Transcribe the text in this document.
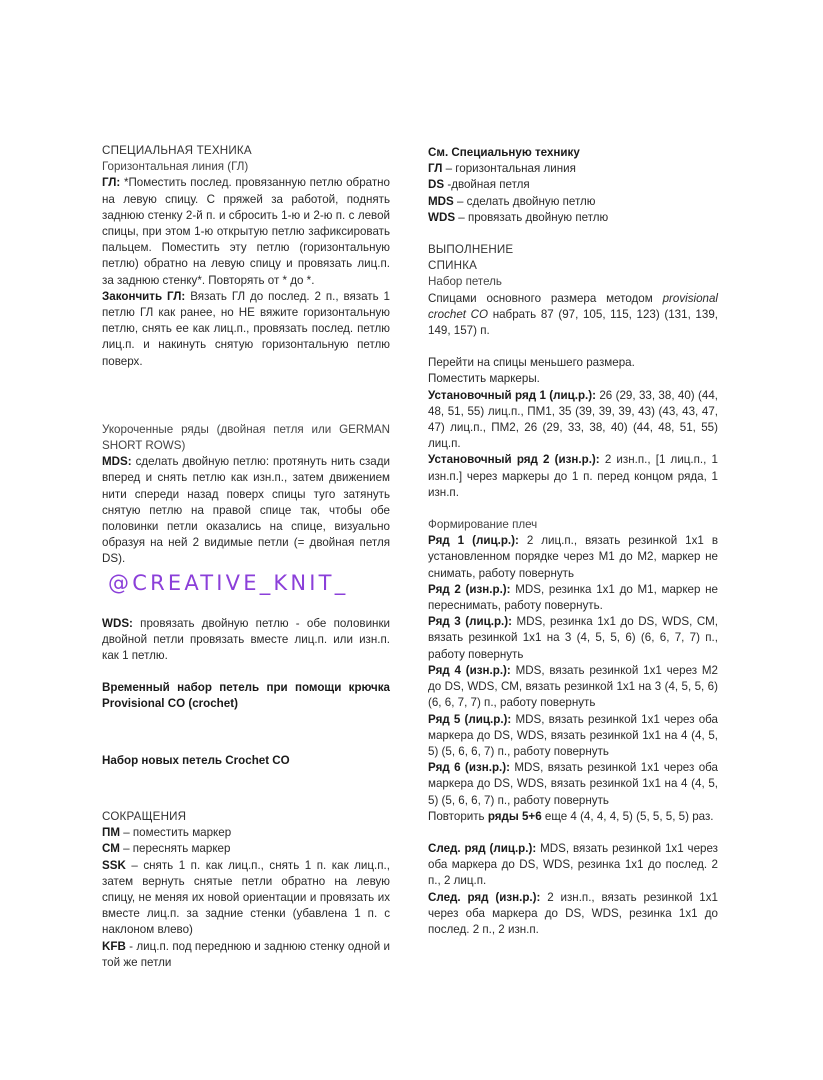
СПЕЦИАЛЬНАЯ ТЕХНИКА

Горизонтальная линия (ГЛ)

ГЛ: *Поместить послед. провязанную петлю обратно на левую спицу. С пряжей за работой, поднять заднюю стенку 2-й п. и сбросить 1-ю и 2-ю п. с левой спицы, при этом 1-ю открытую петлю зафиксировать пальцем. Поместить эту петлю (горизонтальную петлю) обратно на левую спицу и провязать лиц.п. за заднюю стенку*. Повторять от * до *.

Закончить ГЛ: Вязать ГЛ до послед. 2 п., вязать 1 петлю ГЛ как ранее, но НЕ вяжите горизонтальную петлю, снять ее как лиц.п., провязать послед. петлю лиц.п. и накинуть снятую горизонтальную петлю поверх.

Укороченные ряды (двойная петля или GERMAN SHORT ROWS)

MDS: сделать двойную петлю: протянуть нить сзади вперед и снять петлю как изн.п., затем движением нити спереди назад поверх спицы туго затянуть снятую петлю на правой спице так, чтобы обе половинки петли оказались на спице, визуально образуя на ней 2 видимые петли (= двойная петля DS).

@CREATIVE_KNIT_

WDS: провязать двойную петлю - обе половинки двойной петли провязать вместе лиц.п. или изн.п. как 1 петлю.

Временный набор петель при помощи крючка Provisional CO (crochet)

Набор новых петель Crochet CO

СОКРАЩЕНИЯ

ПМ – поместить маркер

СМ – переснять маркер

SSK – снять 1 п. как лиц.п., снять 1 п. как лиц.п., затем вернуть снятые петли обратно на левую спицу, не меняя их новой ориентации и провязать их вместе лиц.п. за задние стенки (убавлена 1 п. с наклоном влево)

KFB - лиц.п. под переднюю и заднюю стенку одной и той же петли

См. Специальную технику

ГЛ – горизонтальная линия

DS -двойная петля

MDS – сделать двойную петлю

WDS – провязать двойную петлю

ВЫПОЛНЕНИЕ

СПИНКА

Набор петель

Спицами основного размера методом provisional crochet CO набрать 87 (97, 105, 115, 123) (131, 139, 149, 157) п.

Перейти на спицы меньшего размера.

Поместить маркеры.

Установочный ряд 1 (лиц.р.): 26 (29, 33, 38, 40) (44, 48, 51, 55) лиц.п., ПМ1, 35 (39, 39, 39, 43) (43, 43, 47, 47) лиц.п., ПМ2, 26 (29, 33, 38, 40) (44, 48, 51, 55) лиц.п.

Установочный ряд 2 (изн.р.): 2 изн.п., [1 лиц.п., 1 изн.п.] через маркеры до 1 п. перед концом ряда, 1 изн.п.

Формирование плеч

Ряд 1 (лиц.р.): 2 лиц.п., вязать резинкой 1х1 в установленном порядке через М1 до М2, маркер не снимать, работу повернуть

Ряд 2 (изн.р.): MDS, резинка 1х1 до М1, маркер не переснимать, работу повернуть.

Ряд 3 (лиц.р.): MDS, резинка 1х1 до DS, WDS, СМ, вязать резинкой 1х1 на 3 (4, 5, 5, 6) (6, 6, 7, 7) п., работу повернуть

Ряд 4 (изн.р.): MDS, вязать резинкой 1х1 через М2 до DS, WDS, СМ, вязать резинкой 1х1 на 3 (4, 5, 5, 6) (6, 6, 7, 7) п., работу повернуть

Ряд 5 (лиц.р.): MDS, вязать резинкой 1х1 через оба маркера до DS, WDS, вязать резинкой 1х1 на 4 (4, 5, 5) (5, 6, 6, 7) п., работу повернуть

Ряд 6 (изн.р.): MDS, вязать резинкой 1х1 через оба маркера до DS, WDS, вязать резинкой 1х1 на 4 (4, 5, 5) (5, 6, 6, 7) п., работу повернуть

Повторить ряды 5+6 еще 4 (4, 4, 4, 5) (5, 5, 5, 5) раз.

След. ряд (лиц.р.): MDS, вязать резинкой 1х1 через оба маркера до DS, WDS, резинка 1х1 до послед. 2 п., 2 лиц.п.

След. ряд (изн.р.): 2 изн.п., вязать резинкой 1х1 через оба маркера до DS, WDS, резинка 1х1 до послед. 2 п., 2 изн.п.
